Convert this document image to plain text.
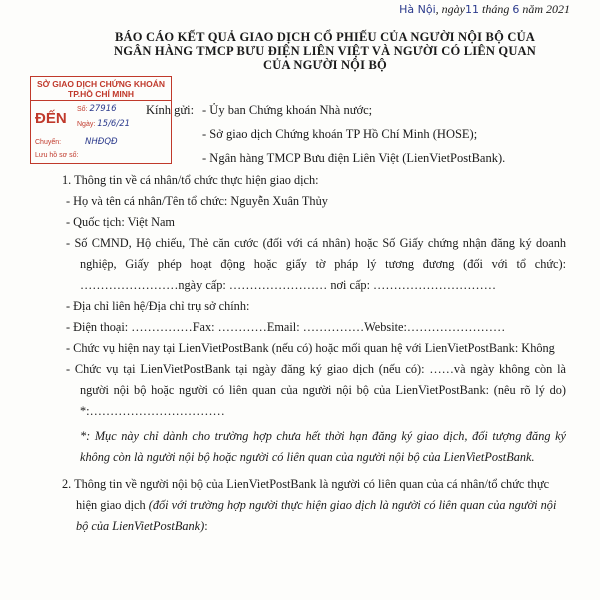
Hà Nội, ngày11 tháng 6 năm 2021
BÁO CÁO KẾT QUẢ GIAO DỊCH CỔ PHIẾU CỦA NGƯỜI NỘI BỘ CỦA
NGÂN HÀNG TMCP BƯU ĐIỆN LIÊN VIỆT VÀ NGƯỜI CÓ LIÊN QUAN
CỦA NGƯỜI NỘI BỘ
SỞ GIAO DỊCH CHỨNG KHOÁN
TP.HỒ CHÍ MINH
ĐẾN
Số: 27916
Ngày: 15/6/21
Chuyển:	NHĐQĐ
Lưu hồ sơ số:
- Ủy ban Chứng khoán Nhà nước;
- Sở giao dịch Chứng khoán TP Hồ Chí Minh (HOSE);
- Ngân hàng TMCP Bưu điện Liên Việt (LienVietPostBank).
Kính gửi:

1. Thông tin về cá nhân/tổ chức thực hiện giao dịch:

- Họ và tên cá nhân/Tên tổ chức: Nguyễn Xuân Thủy

- Quốc tịch: Việt Nam

- Số CMND, Hộ chiếu, Thẻ căn cước (đối với cá nhân) hoặc Số Giấy chứng nhận đăng ký doanh nghiệp, Giấy phép hoạt động hoặc giấy tờ pháp lý tương đương (đối với tổ chức): ……………………ngày cấp: …………………… nơi cấp: …………………………

- Địa chỉ liên hệ/Địa chỉ trụ sở chính:

- Điện thoại: ……………Fax: …………Email: ……………Website:……………………

- Chức vụ hiện nay tại LienVietPostBank (nếu có) hoặc mối quan hệ với LienVietPostBank: Không

- Chức vụ tại LienVietPostBank tại ngày đăng ký giao dịch (nếu có): ……và ngày không còn là người nội bộ hoặc người có liên quan của người nội bộ của LienVietPostBank: (nêu rõ lý do) *:……………………………

*: Mục này chỉ dành cho trường hợp chưa hết thời hạn đăng ký giao dịch, đối tượng đăng ký không còn là người nội bộ hoặc người có liên quan của người nội bộ của LienVietPostBank.

2. Thông tin về người nội bộ của LienVietPostBank là người có liên quan của cá nhân/tổ chức thực hiện giao dịch (đối với trường hợp người thực hiện giao dịch là người có liên quan của người nội bộ của LienVietPostBank):
